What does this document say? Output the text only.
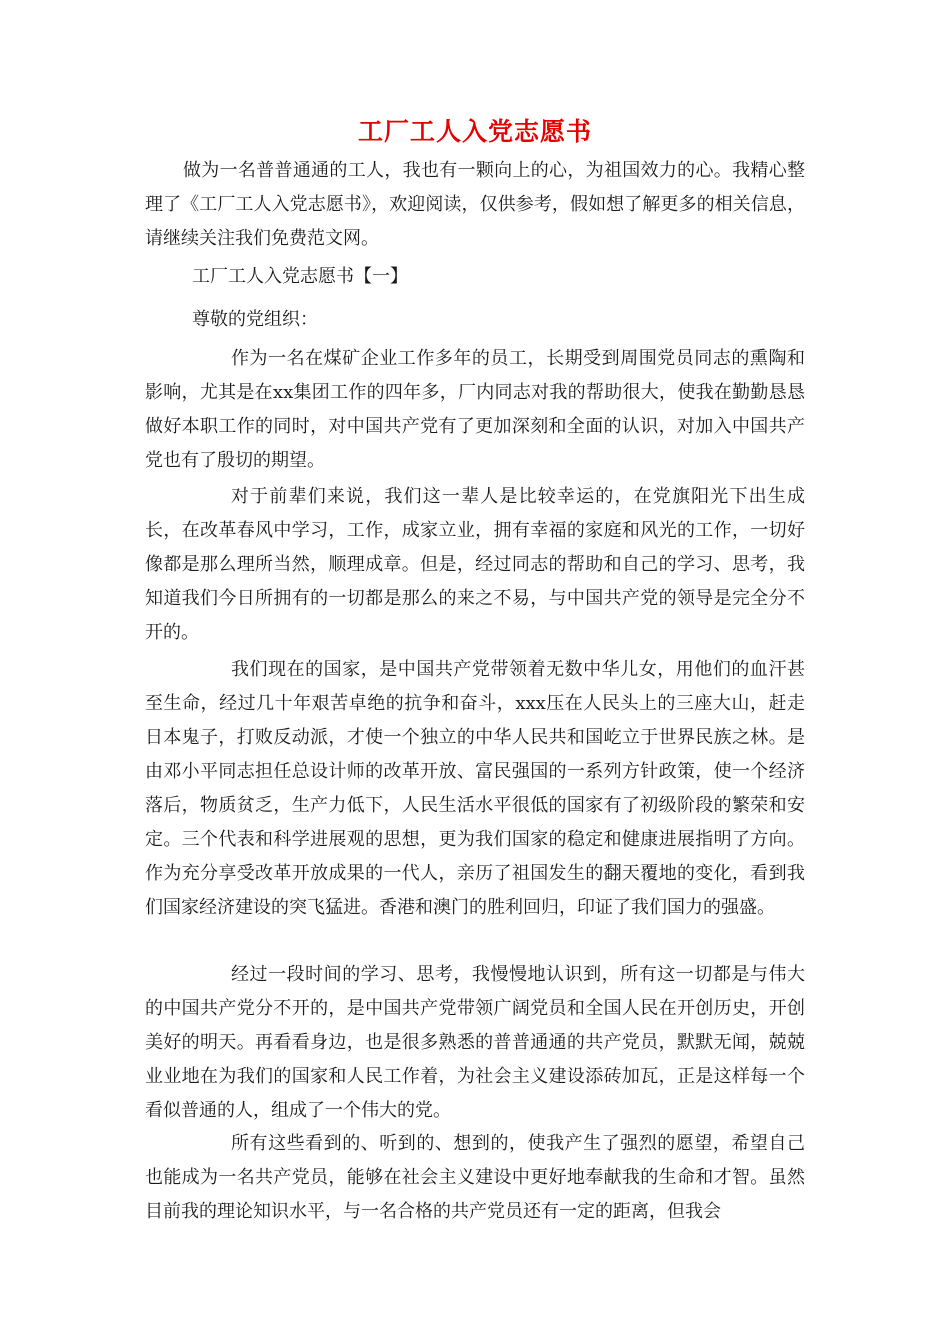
工厂工人入党志愿书
做为一名普普通通的工人，我也有一颗向上的心，为祖国效力的心。我精心整理了《工厂工人入党志愿书》，欢迎阅读，仅供参考，假如想了解更多的相关信息，请继续关注我们免费范文网。
工厂工人入党志愿书【一】
尊敬的党组织：
作为一名在煤矿企业工作多年的员工，长期受到周围党员同志的熏陶和影响，尤其是在xx集团工作的四年多，厂内同志对我的帮助很大，使我在勤勤恳恳做好本职工作的同时，对中国共产党有了更加深刻和全面的认识，对加入中国共产党也有了殷切的期望。
对于前辈们来说，我们这一辈人是比较幸运的，在党旗阳光下出生成长，在改革春风中学习，工作，成家立业，拥有幸福的家庭和风光的工作，一切好像都是那么理所当然，顺理成章。但是，经过同志的帮助和自己的学习、思考，我知道我们今日所拥有的一切都是那么的来之不易，与中国共产党的领导是完全分不开的。
我们现在的国家，是中国共产党带领着无数中华儿女，用他们的血汗甚至生命，经过几十年艰苦卓绝的抗争和奋斗，xxx压在人民头上的三座大山，赶走日本鬼子，打败反动派，才使一个独立的中华人民共和国屹立于世界民族之林。是由邓小平同志担任总设计师的改革开放、富民强国的一系列方针政策，使一个经济落后，物质贫乏，生产力低下，人民生活水平很低的国家有了初级阶段的繁荣和安定。三个代表和科学进展观的思想，更为我们国家的稳定和健康进展指明了方向。作为充分享受改革开放成果的一代人，亲历了祖国发生的翻天覆地的变化，看到我们国家经济建设的突飞猛进。香港和澳门的胜利回归，印证了我们国力的强盛。
经过一段时间的学习、思考，我慢慢地认识到，所有这一切都是与伟大的中国共产党分不开的，是中国共产党带领广阔党员和全国人民在开创历史，开创美好的明天。再看看身边，也是很多熟悉的普普通通的共产党员，默默无闻，兢兢业业地在为我们的国家和人民工作着，为社会主义建设添砖加瓦，正是这样每一个看似普通的人，组成了一个伟大的党。
所有这些看到的、听到的、想到的，使我产生了强烈的愿望，希望自己也能成为一名共产党员，能够在社会主义建设中更好地奉献我的生命和才智。虽然目前我的理论知识水平，与一名合格的共产党员还有一定的距离，但我会
